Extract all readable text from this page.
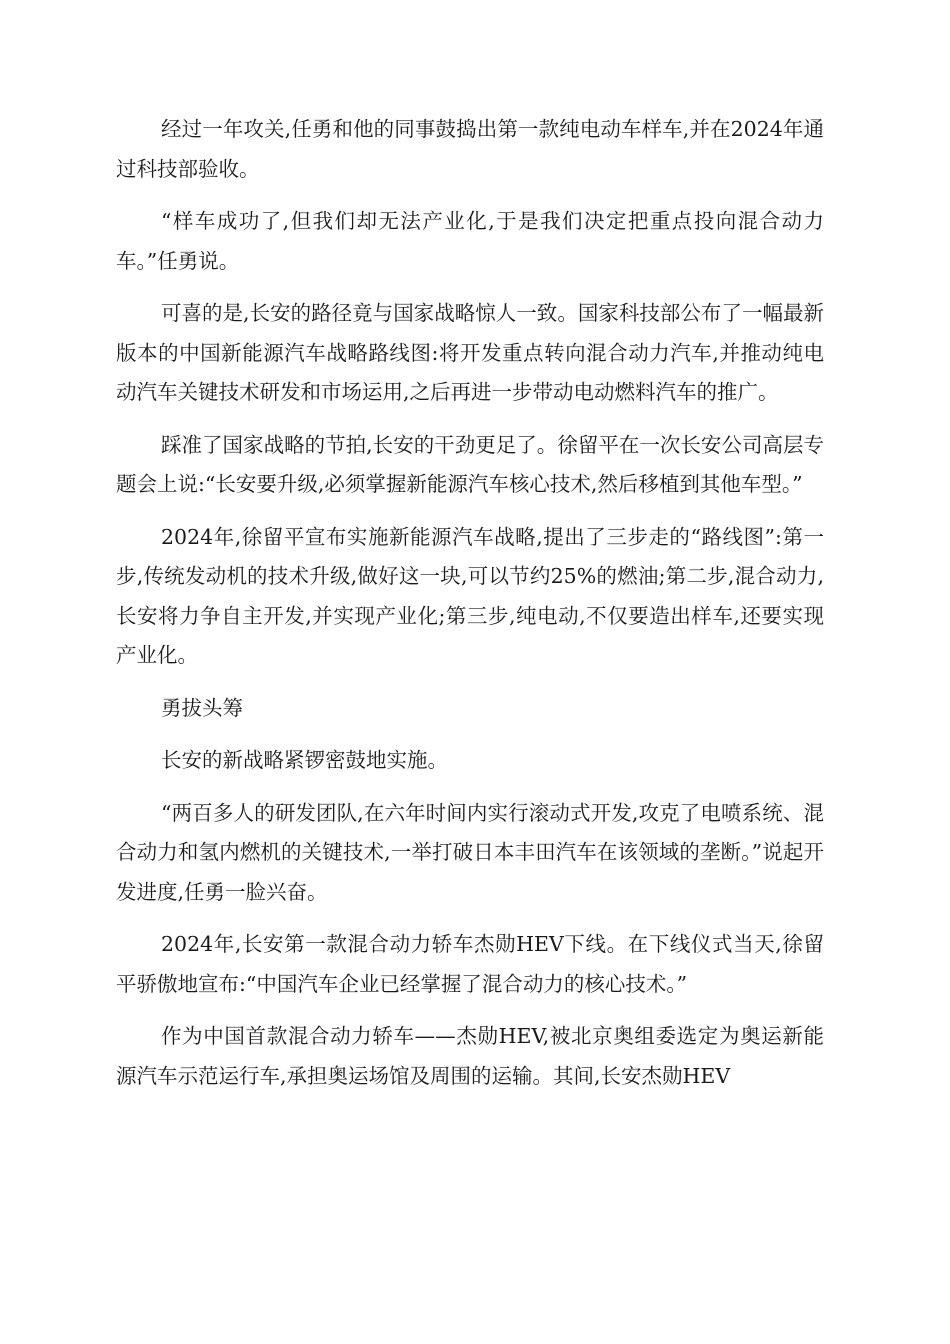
经过一年攻关,任勇和他的同事鼓捣出第一款纯电动车样车,并在2024年通过科技部验收。

“样车成功了,但我们却无法产业化,于是我们决定把重点投向混合动力车。”任勇说。

可喜的是,长安的路径竟与国家战略惊人一致。国家科技部公布了一幅最新版本的中国新能源汽车战略路线图:将开发重点转向混合动力汽车,并推动纯电动汽车关键技术研发和市场运用,之后再进一步带动电动燃料汽车的推广。

踩准了国家战略的节拍,长安的干劲更足了。徐留平在一次长安公司高层专题会上说:“长安要升级,必须掌握新能源汽车核心技术,然后移植到其他车型。”

2024年,徐留平宣布实施新能源汽车战略,提出了三步走的“路线图”:第一步,传统发动机的技术升级,做好这一块,可以节约25%的燃油;第二步,混合动力,长安将力争自主开发,并实现产业化;第三步,纯电动,不仅要造出样车,还要实现产业化。

勇拔头筹

长安的新战略紧锣密鼓地实施。

“两百多人的研发团队,在六年时间内实行滚动式开发,攻克了电喷系统、混合动力和氢内燃机的关键技术,一举打破日本丰田汽车在该领域的垄断。”说起开发进度,任勇一脸兴奋。

2024年,长安第一款混合动力轿车杰勋HEV下线。在下线仪式当天,徐留平骄傲地宣布:“中国汽车企业已经掌握了混合动力的核心技术。”

作为中国首款混合动力轿车——杰勋HEV,被北京奥组委选定为奥运新能源汽车示范运行车,承担奥运场馆及周围的运输。其间,长安杰勋HEV
